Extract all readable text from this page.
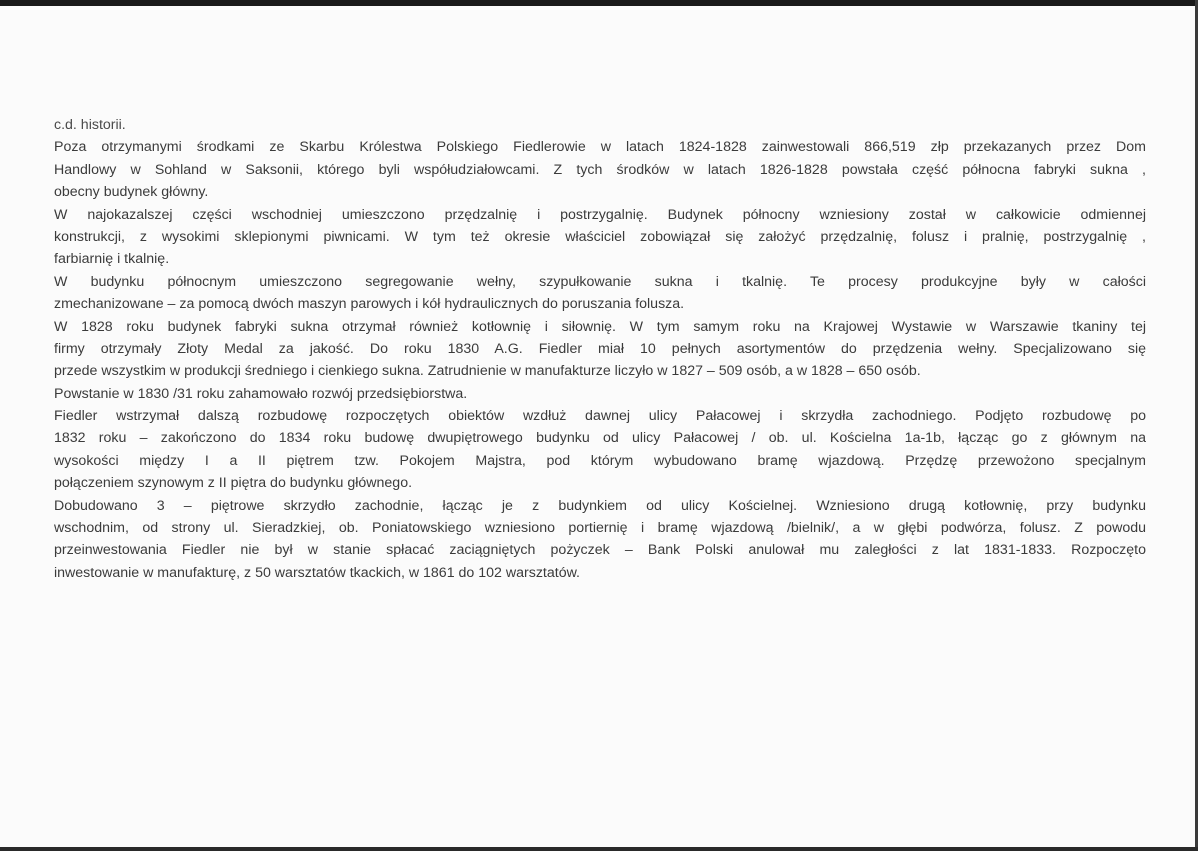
c.d. historii.
Poza otrzymanymi środkami ze Skarbu Królestwa Polskiego Fiedlerowie w latach 1824-1828 zainwestowali 866,519 złp przekazanych przez Dom
Handlowy w Sohland w Saksonii, którego byli współudziałowcami. Z tych środków w latach 1826-1828 powstała część północna fabryki sukna ,
obecny budynek główny.
W najokazalszej części wschodniej umieszczono przędzalnię i postrzygalnię. Budynek północny wzniesiony został w całkowicie odmiennej
konstrukcji, z wysokimi sklepionymi piwnicami. W tym też okresie właściciel zobowiązał się założyć przędzalnię, folusz i pralnię, postrzygalnię ,
farbiarnię i tkalnię.
W budynku północnym umieszczono segregowanie wełny, szypułkowanie sukna i tkalnię. Te procesy produkcyjne były w całości
zmechanizowane – za pomocą dwóch maszyn parowych i kół hydraulicznych do poruszania folusza.
W 1828 roku budynek fabryki sukna otrzymał również kotłownię i siłownię. W tym samym roku na Krajowej Wystawie w Warszawie tkaniny tej
firmy otrzymały Złoty Medal za jakość. Do roku 1830 A.G. Fiedler miał 10 pełnych asortymentów do przędzenia wełny. Specjalizowano się
przede wszystkim w produkcji średniego i cienkiego sukna. Zatrudnienie w manufakturze liczyło w 1827 – 509 osób, a w 1828 – 650 osób.
Powstanie w 1830 /31 roku zahamowało rozwój przedsiębiorstwa.
Fiedler wstrzymał dalszą rozbudowę rozpoczętych obiektów wzdłuż dawnej ulicy Pałacowej i skrzydła zachodniego. Podjęto rozbudowę po
1832 roku – zakończono do 1834 roku budowę dwupiętrowego budynku od ulicy Pałacowej / ob. ul. Kościelna 1a-1b, łącząc go z głównym na
wysokości między I a II piętrem tzw. Pokojem Majstra, pod którym wybudowano bramę wjazdową. Przędzę przewożono specjalnym
połączeniem szynowym z II piętra do budynku głównego.
Dobudowano 3 – piętrowe skrzydło zachodnie, łącząc je z budynkiem od ulicy Kościelnej. Wzniesiono drugą kotłownię, przy budynku
wschodnim, od strony ul. Sieradzkiej, ob. Poniatowskiego wzniesiono portiernię i bramę wjazdową /bielnik/, a w głębi podwórza, folusz. Z powodu
przeinwestowania Fiedler nie był w stanie spłacać zaciągniętych pożyczek – Bank Polski anulował mu zaległości z lat 1831-1833. Rozpoczęto
inwestowanie w manufakturę, z 50 warsztatów tkackich, w 1861 do 102 warsztatów.
